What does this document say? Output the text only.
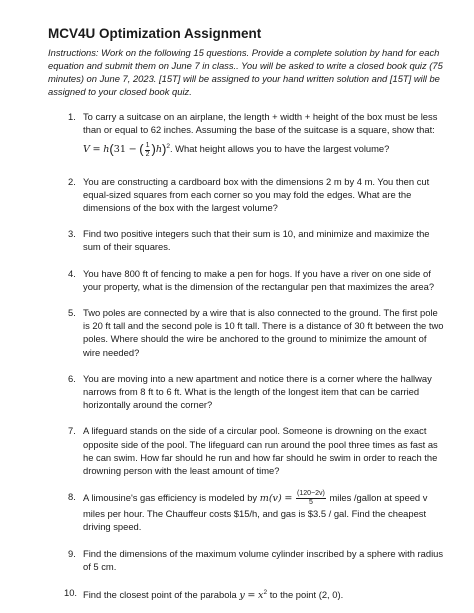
MCV4U Optimization Assignment
Instructions: Work on the following 15 questions. Provide a complete solution by hand for each equation and submit them on June 7 in class.. You will be asked to write a closed book quiz (75 minutes) on June 7, 2023. [15T] will be assigned to your hand written solution and [15T] will be assigned to your closed book quiz.
1. To carry a suitcase on an airplane, the length + width + height of the box must be less than or equal to 62 inches. Assuming the base of the suitcase is a square, show that:
V = h(31 − ( $\frac{1}{2} )h)^2$. What height allows you to have the largest volume?
2. You are constructing a cardboard box with the dimensions 2 m by 4 m. You then cut equal-sized squares from each corner so you may fold the edges. What are the dimensions of the box with the largest volume?
3. Find two positive integers such that their sum is 10, and minimize and maximize the sum of their squares.
4. You have 800 ft of fencing to make a pen for hogs. If you have a river on one side of your property, what is the dimension of the rectangular pen that maximizes the area?
5. Two poles are connected by a wire that is also connected to the ground. The first pole is 20 ft tall and the second pole is 10 ft tall. There is a distance of 30 ft between the two poles. Where should the wire be anchored to the ground to minimize the amount of wire needed?
6. You are moving into a new apartment and notice there is a corner where the hallway narrows from 8 ft to 6 ft. What is the length of the longest item that can be carried horizontally around the corner?
7. A lifeguard stands on the side of a circular pool. Someone is drowning on the exact opposite side of the pool. The lifeguard can run around the pool three times as fast as he can swim. How far should he run and how far should he swim in order to reach the drowning person with the least amount of time?
8. A limousine's gas efficiency is modeled by $m(v) = \frac{(120-2v)}{5}$ miles /gallon at speed v miles per hour. The Chauffeur costs $15/h, and gas is $3.5 / gal. Find the cheapest driving speed.
9. Find the dimensions of the maximum volume cylinder inscribed by a sphere with radius of 5 cm.
10. Find the closest point of the parabola $y = x^2$ to the point (2, 0).
